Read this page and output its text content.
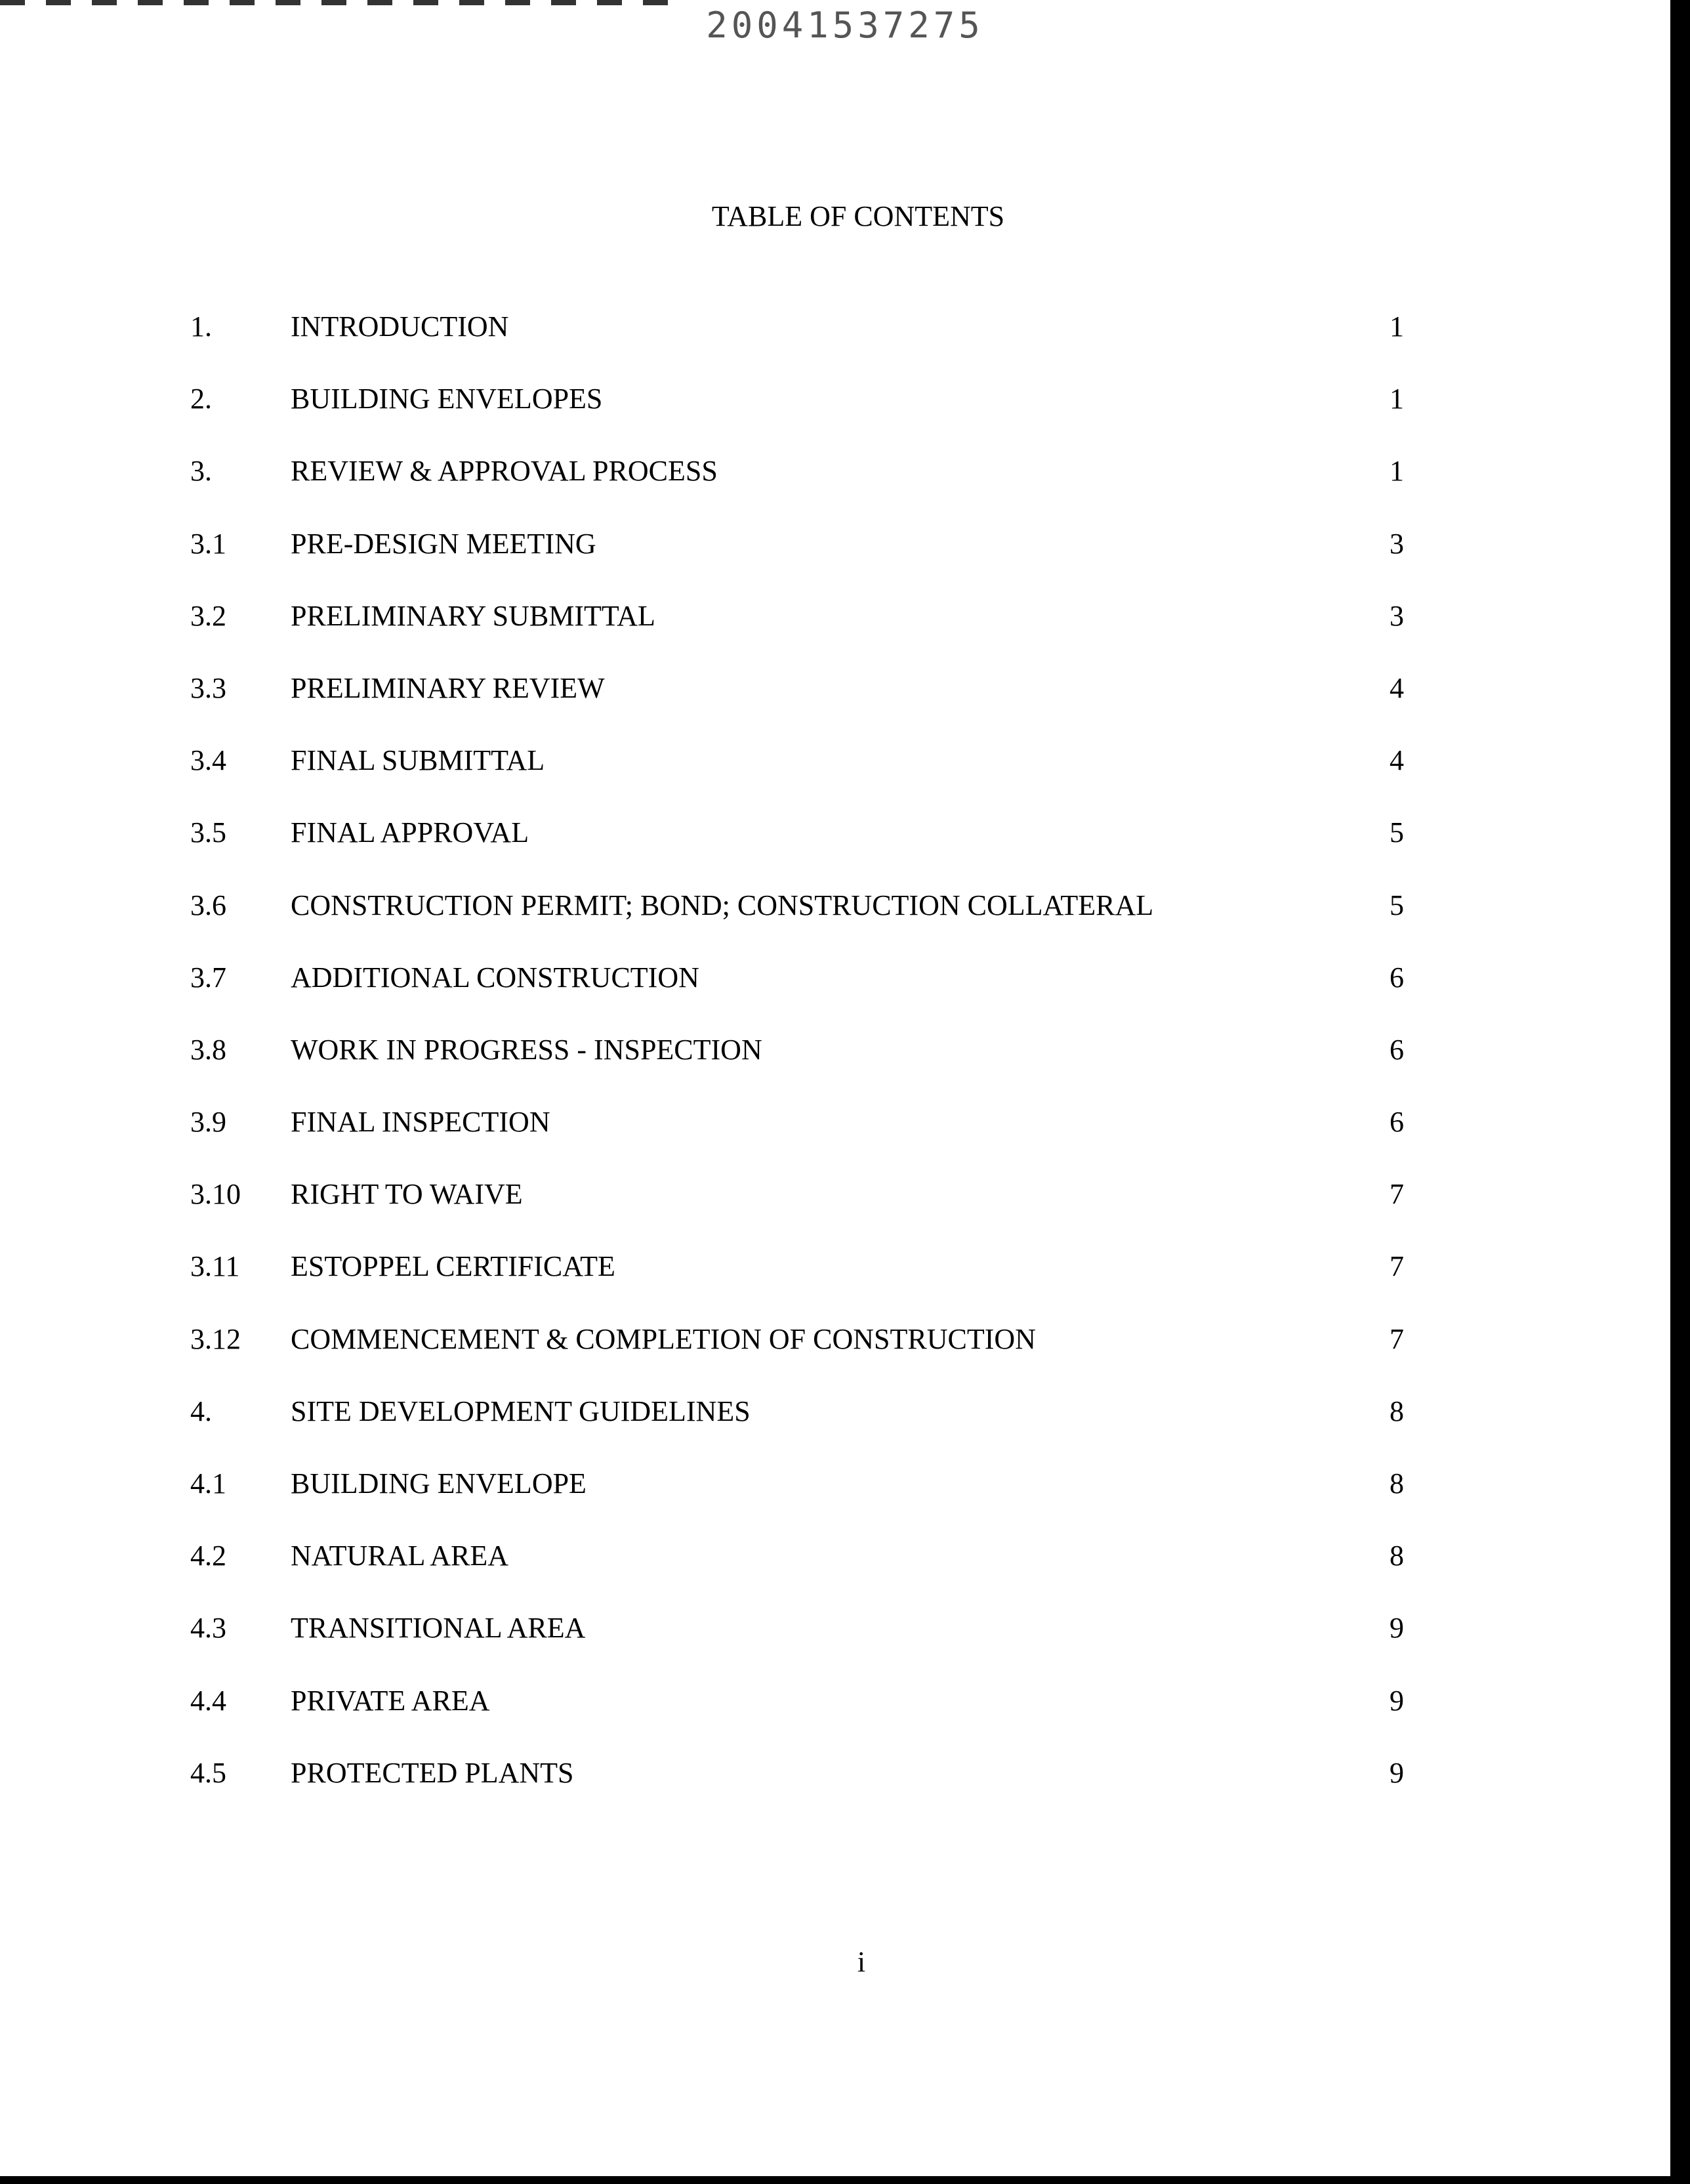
20041537275
TABLE OF CONTENTS
1.	INTRODUCTION	1
2.	BUILDING ENVELOPES	1
3.	REVIEW & APPROVAL PROCESS	1
3.1 PRE-DESIGN MEETING	3
3.2 PRELIMINARY SUBMITTAL	3
3.3 PRELIMINARY REVIEW	4
3.4 FINAL SUBMITTAL	4
3.5 FINAL APPROVAL	5
3.6 CONSTRUCTION PERMIT; BOND; CONSTRUCTION COLLATERAL	5
3.7 ADDITIONAL CONSTRUCTION	6
3.8 WORK IN PROGRESS - INSPECTION	6
3.9 FINAL INSPECTION	6
3.10 RIGHT TO WAIVE	7
3.11 ESTOPPEL CERTIFICATE	7
3.12 COMMENCEMENT & COMPLETION OF CONSTRUCTION	7
4.	SITE DEVELOPMENT GUIDELINES	8
4.1 BUILDING ENVELOPE	8
4.2 NATURAL AREA	8
4.3 TRANSITIONAL AREA	9
4.4 PRIVATE AREA	9
4.5 PROTECTED PLANTS	9
i
